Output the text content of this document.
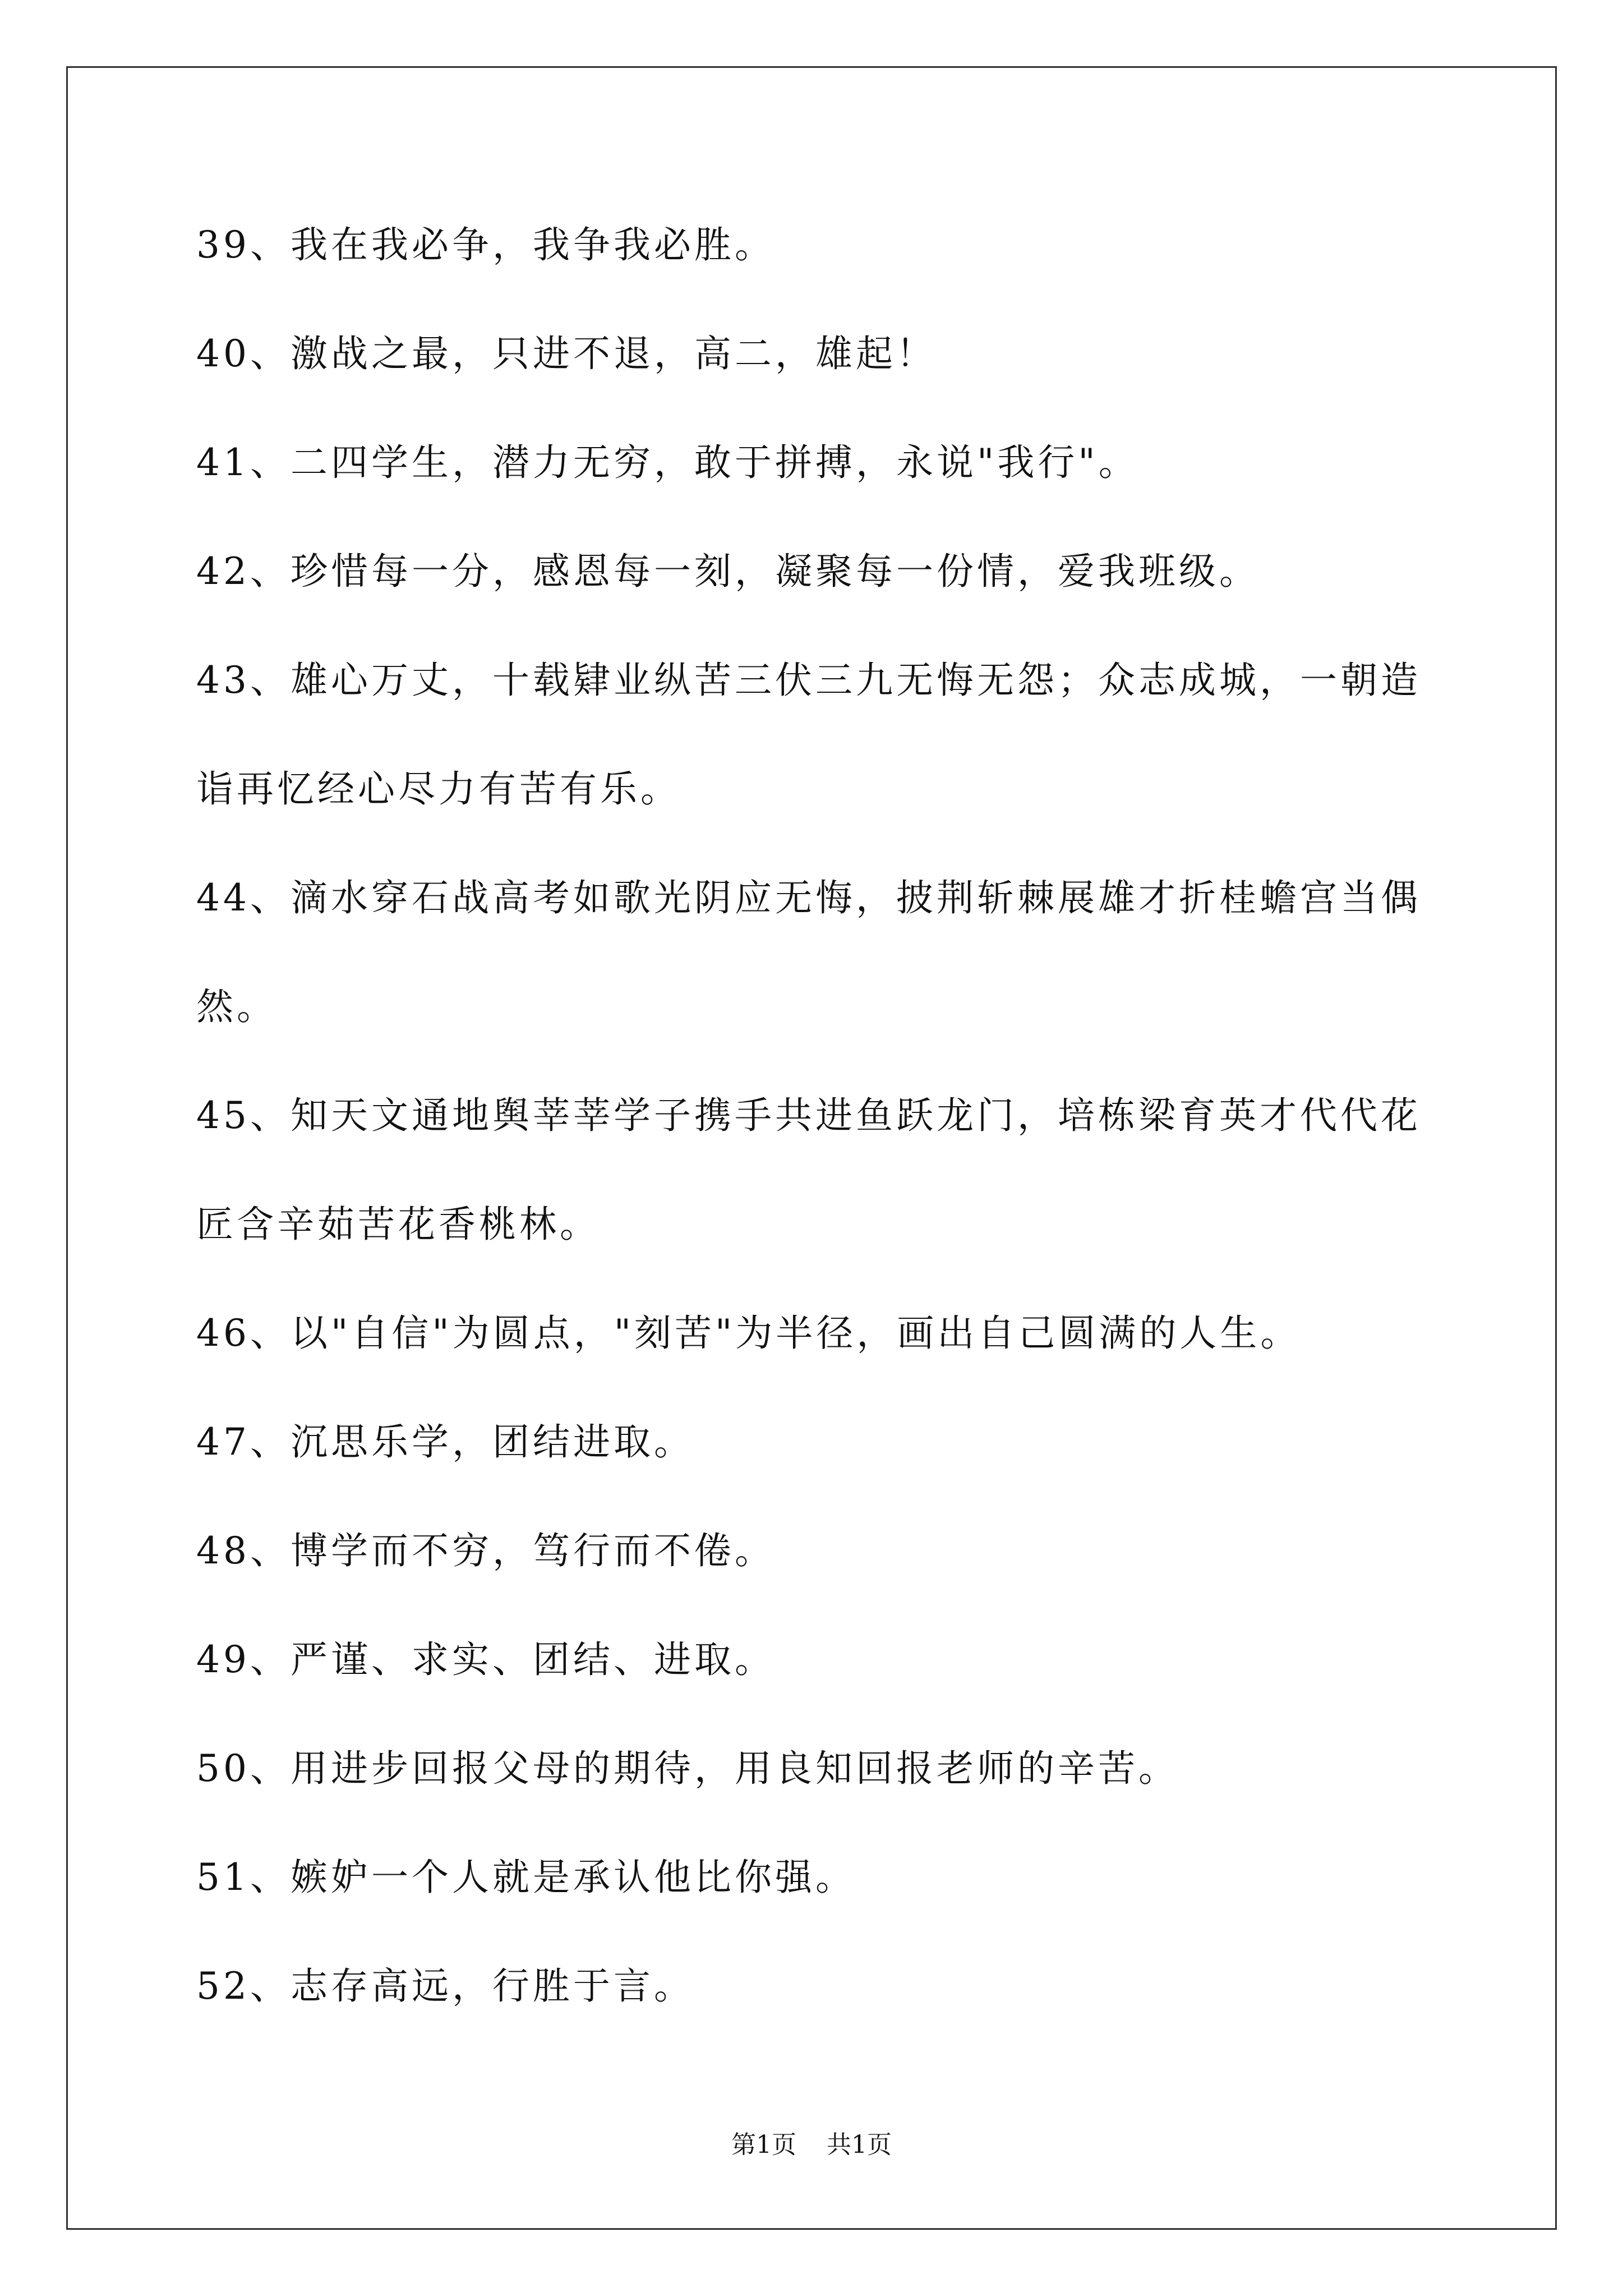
39、我在我必争，我争我必胜。
40、激战之最，只进不退，高二，雄起！
41、二四学生，潜力无穷，敢于拼搏，永说"我行"。
42、珍惜每一分，感恩每一刻，凝聚每一份情，爱我班级。
43、雄心万丈，十载肄业纵苦三伏三九无悔无怨；众志成城，一朝造
诣再忆经心尽力有苦有乐。
44、滴水穿石战高考如歌光阴应无悔，披荆斩棘展雄才折桂蟾宫当偶
然。
45、知天文通地舆莘莘学子携手共进鱼跃龙门，培栋梁育英才代代花
匠含辛茹苦花香桃林。
46、以"自信"为圆点，"刻苦"为半径，画出自己圆满的人生。
47、沉思乐学，团结进取。
48、博学而不穷，笃行而不倦。
49、严谨、求实、团结、进取。
50、用进步回报父母的期待，用良知回报老师的辛苦。
51、嫉妒一个人就是承认他比你强。
52、志存高远，行胜于言。
第1页 共1页
